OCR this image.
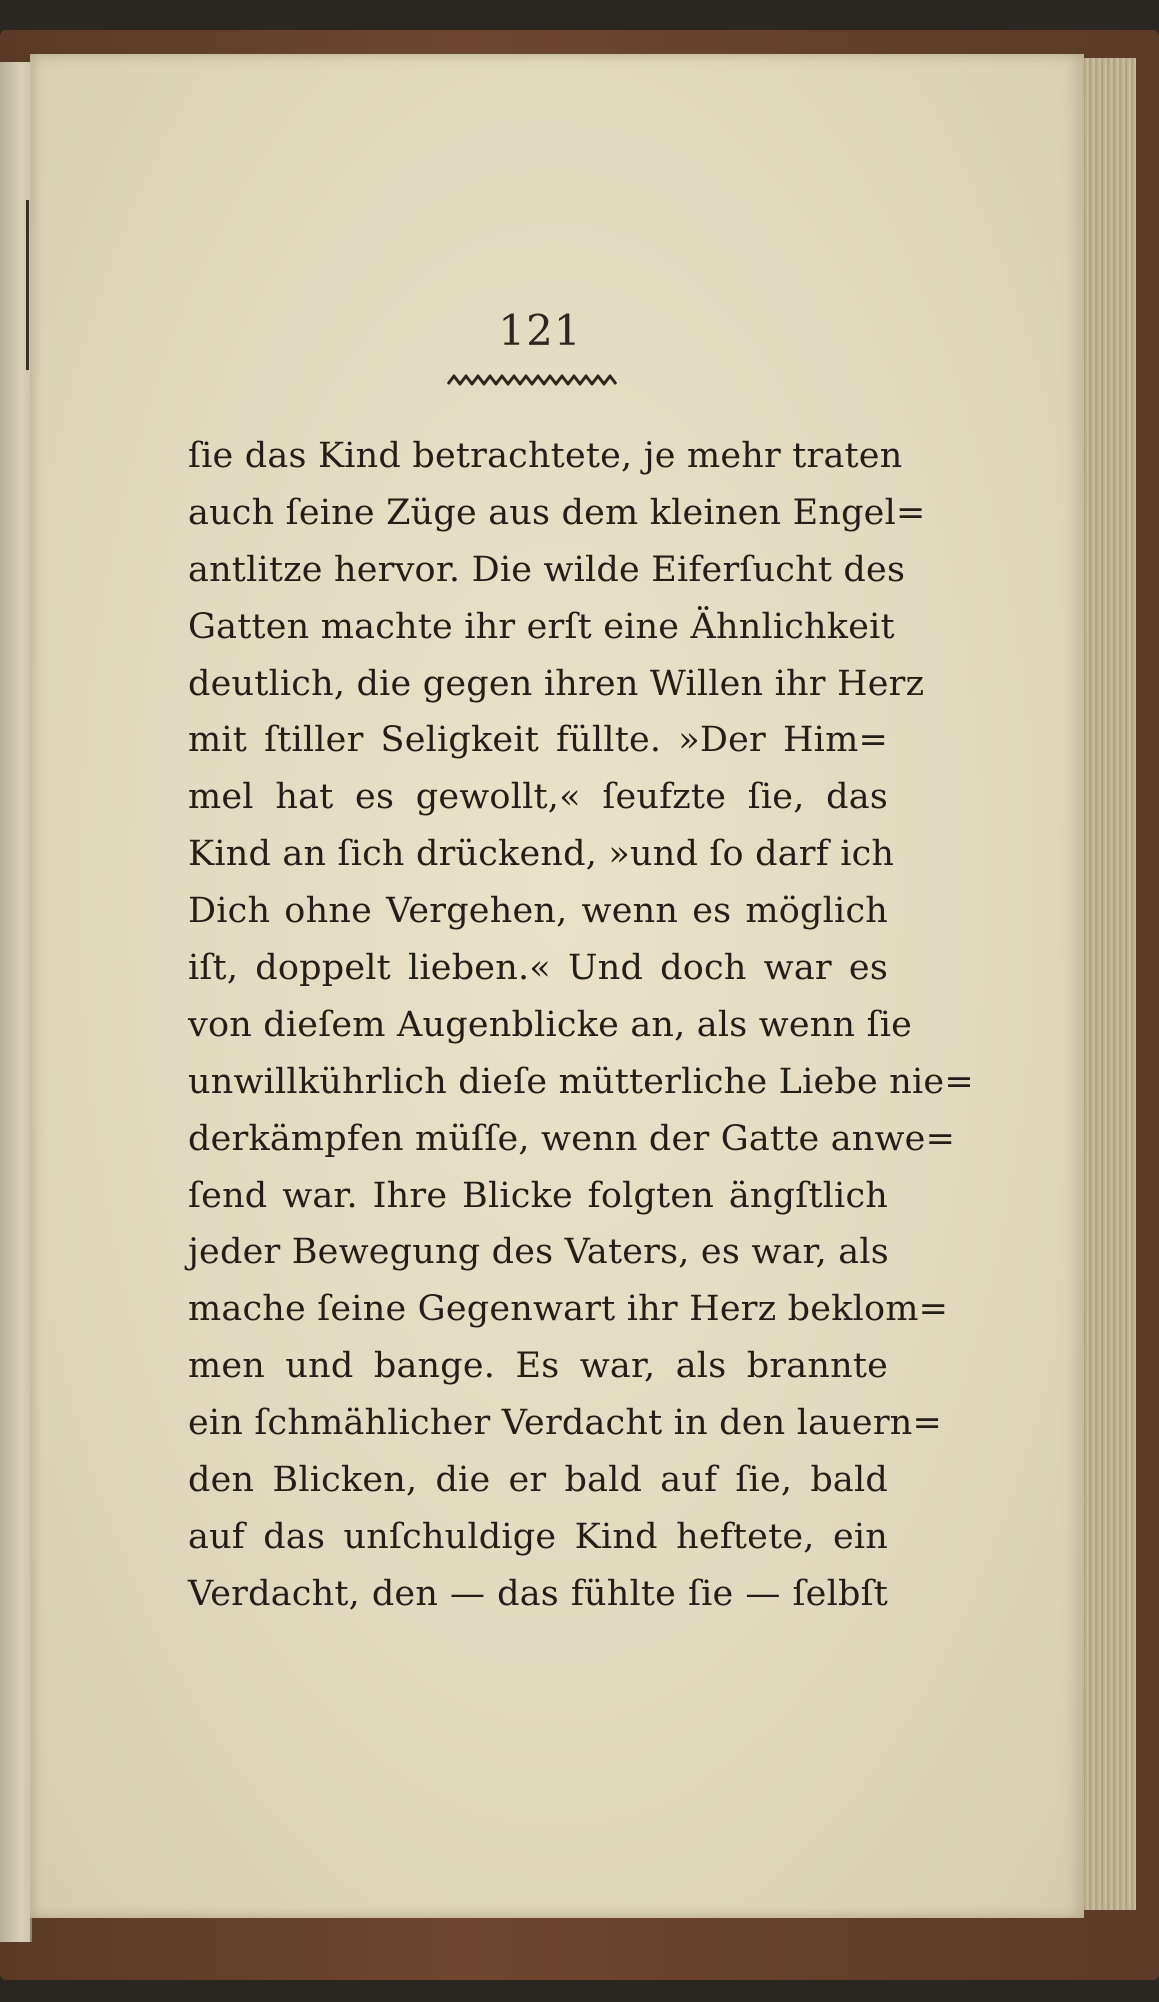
121
ſie das Kind betrachtete, je mehr traten
auch ſeine Züge aus dem kleinen Engel=
antlitze hervor. Die wilde Eiferſucht des
Gatten machte ihr erſt eine Ähnlichkeit
deutlich, die gegen ihren Willen ihr Herz
mit ſtiller Seligkeit füllte. »Der Him=
mel hat es gewollt,« ſeufzte ſie, das
Kind an ſich drückend, »und ſo darf ich
Dich ohne Vergehen, wenn es möglich
iſt, doppelt lieben.« Und doch war es
von dieſem Augenblicke an, als wenn ſie
unwillkührlich dieſe mütterliche Liebe nie=
derkämpfen müſſe, wenn der Gatte anwe=
ſend war. Ihre Blicke folgten ängſtlich
jeder Bewegung des Vaters, es war, als
mache ſeine Gegenwart ihr Herz beklom=
men und bange. Es war, als brannte
ein ſchmählicher Verdacht in den lauern=
den Blicken, die er bald auf ſie, bald
auf das unſchuldige Kind heftete, ein
Verdacht, den — das fühlte ſie — ſelbſt
